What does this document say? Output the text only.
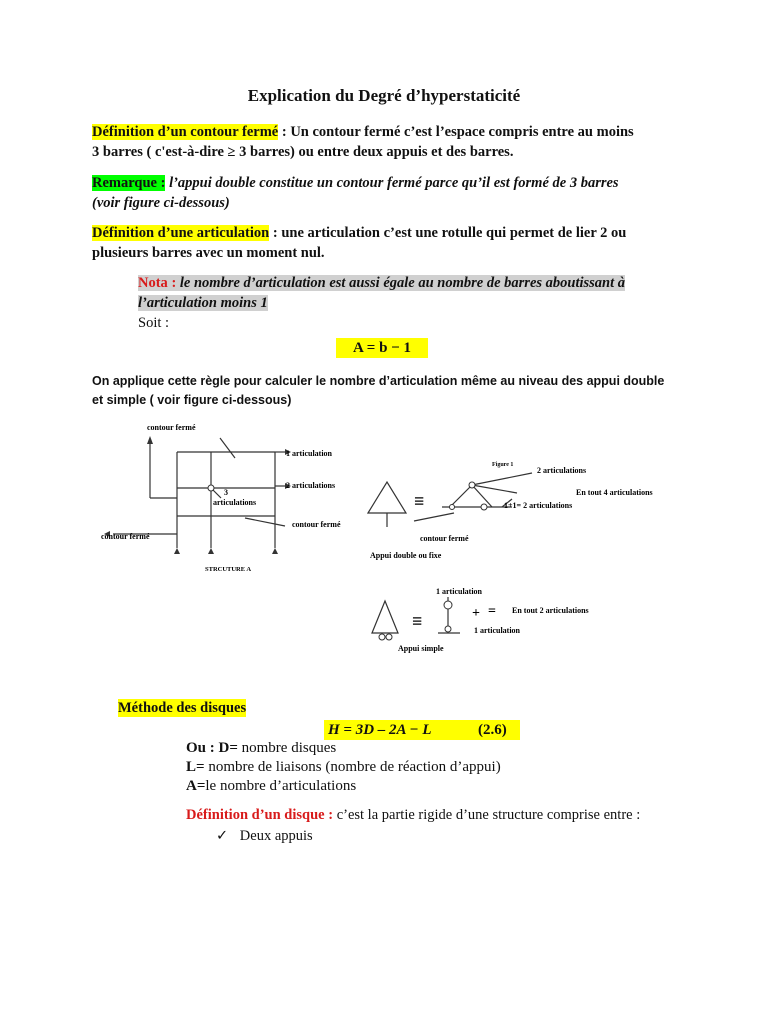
Explication du Degré d’hyperstaticité
Définition d’un contour fermé : Un contour fermé c’est l’espace compris entre au moins
3 barres ( c'est-à-dire ≥ 3 barres) ou entre deux appuis et des barres.
Remarque : l’appui double constitue un contour fermé parce qu’il est formé de 3 barres
(voir figure ci-dessous)
Définition d’une articulation : une articulation c’est une rotulle qui permet de lier 2 ou
plusieurs barres avec un moment nul.
Nota : le nombre d’articulation est aussi égale au nombre de barres aboutissant à
l’articulation moins 1
Soit :
A = b − 1
On applique cette règle pour calculer le nombre d’articulation même au niveau des appui double
et simple ( voir figure ci-dessous)
contour fermé
1 articulation
2 articulations
3
articulations
contour fermé
contour fermé
STRCUTURE A
≡
Figure 1
2 articulations
En tout 4 articulations
1+1= 2 articulations
contour fermé
Appui double ou fixe
≡
1 articulation
+ = En tout 2 articulations
1 articulation
Appui simple
Méthode des disques
H = 3D – 2A − L	(2.6)
Ou : D= nombre disques
L= nombre de liaisons (nombre de réaction d’appui)
A=le nombre d’articulations
Définition d’un disque : c’est la partie rigide d’une structure comprise entre :
✓ Deux appuis
